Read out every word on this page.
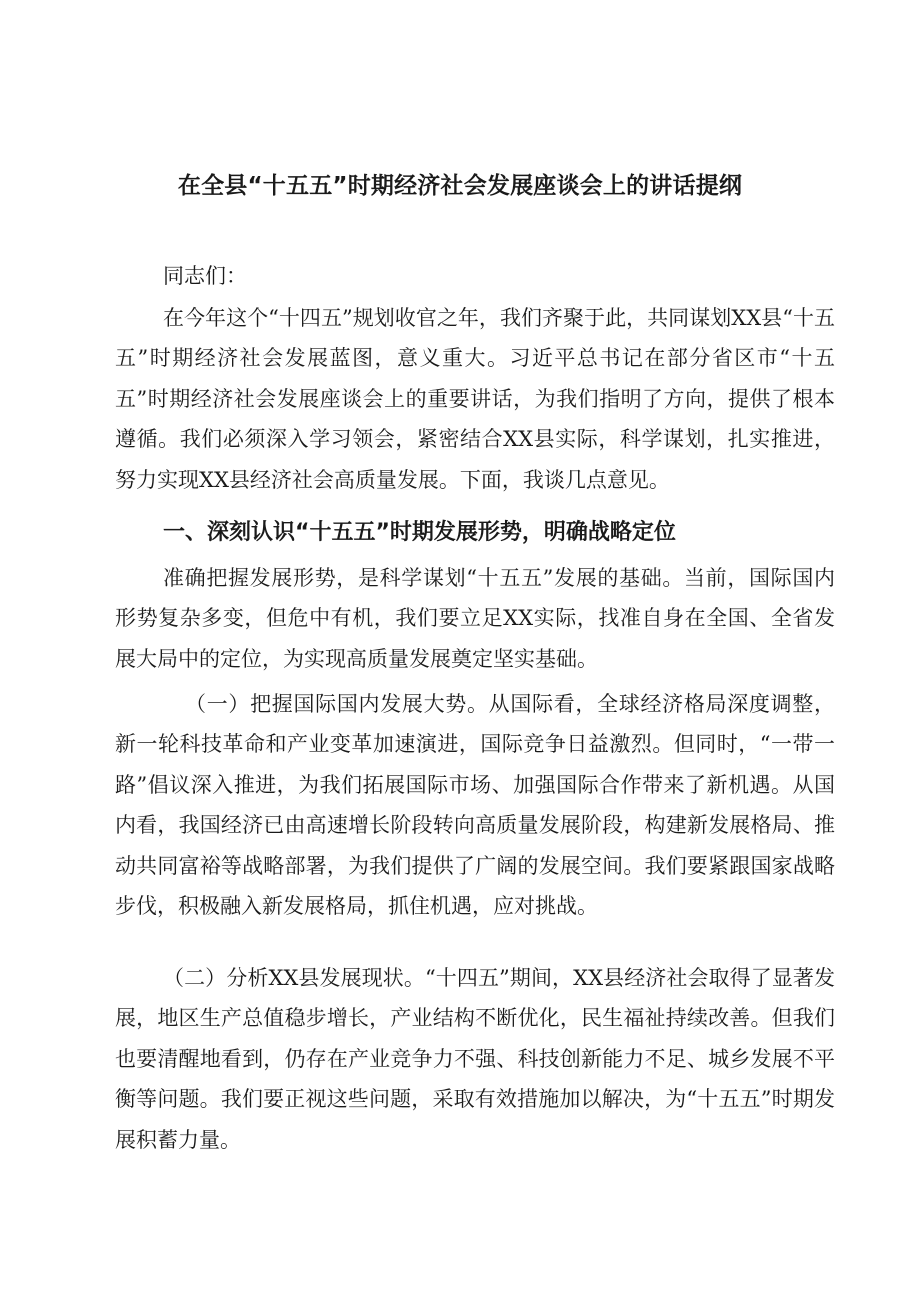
在全县“十五五”时期经济社会发展座谈会上的讲话提纲

同志们：

在今年这个“十四五”规划收官之年，我们齐聚于此，共同谋划XX县“十五五”时期经济社会发展蓝图，意义重大。习近平总书记在部分省区市“十五五”时期经济社会发展座谈会上的重要讲话，为我们指明了方向，提供了根本遵循。我们必须深入学习领会，紧密结合XX县实际，科学谋划，扎实推进，努力实现XX县经济社会高质量发展。下面，我谈几点意见。

一、深刻认识“十五五”时期发展形势，明确战略定位

准确把握发展形势，是科学谋划“十五五”发展的基础。当前，国际国内形势复杂多变，但危中有机，我们要立足XX实际，找准自身在全国、全省发展大局中的定位，为实现高质量发展奠定坚实基础。

（一）把握国际国内发展大势。从国际看，全球经济格局深度调整，新一轮科技革命和产业变革加速演进，国际竞争日益激烈。但同时，“一带一路”倡议深入推进，为我们拓展国际市场、加强国际合作带来了新机遇。从国内看，我国经济已由高速增长阶段转向高质量发展阶段，构建新发展格局、推动共同富裕等战略部署，为我们提供了广阔的发展空间。我们要紧跟国家战略步伐，积极融入新发展格局，抓住机遇，应对挑战。

（二）分析XX县发展现状。“十四五”期间，XX县经济社会取得了显著发展，地区生产总值稳步增长，产业结构不断优化，民生福祉持续改善。但我们也要清醒地看到，仍存在产业竞争力不强、科技创新能力不足、城乡发展不平衡等问题。我们要正视这些问题，采取有效措施加以解决，为“十五五”时期发展积蓄力量。
